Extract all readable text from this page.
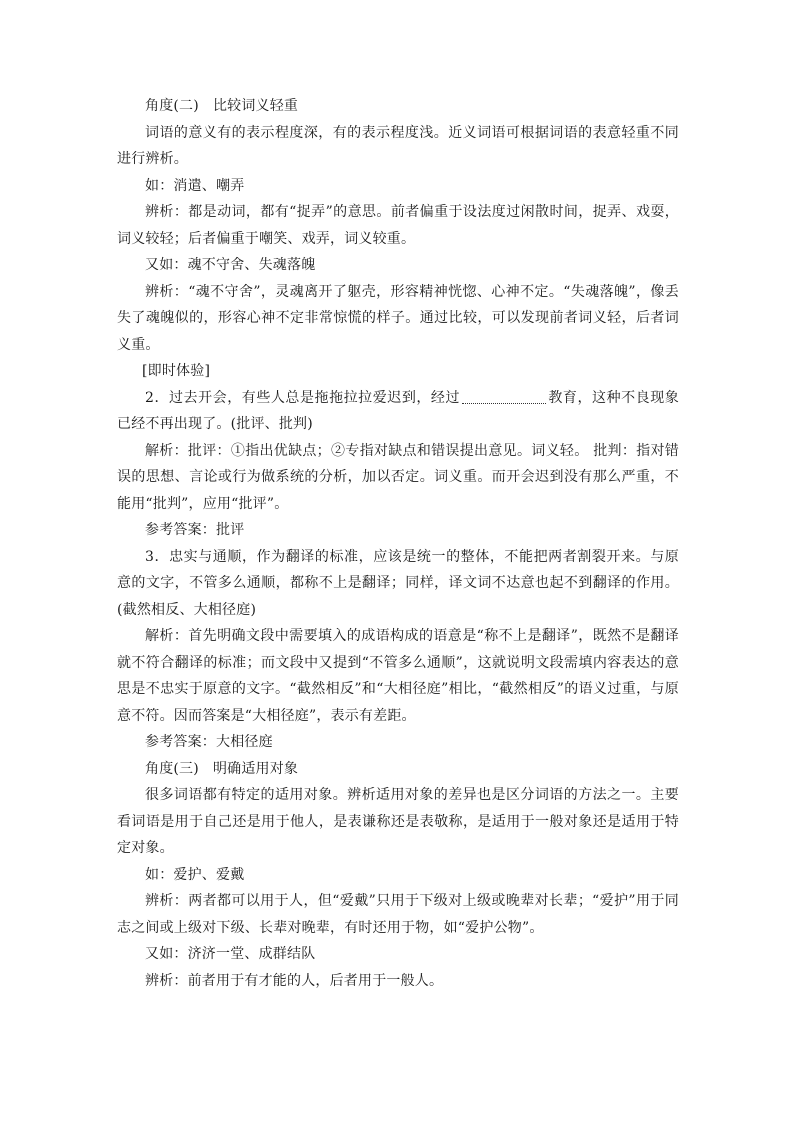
角度(二) 比较词义轻重

词语的意义有的表示程度深，有的表示程度浅。近义词语可根据词语的表意轻重不同进行辨析。

如：消遣、嘲弄

辨析：都是动词，都有“捉弄”的意思。前者偏重于设法度过闲散时间，捉弄、戏耍，词义较轻；后者偏重于嘲笑、戏弄，词义较重。

又如：魂不守舍、失魂落魄

辨析：“魂不守舍”，灵魂离开了躯壳，形容精神恍惚、心神不定。“失魂落魄”，像丢失了魂魄似的，形容心神不定非常惊慌的样子。通过比较，可以发现前者词义轻，后者词义重。

[即时体验]

2．过去开会，有些人总是拖拖拉拉爱迟到，经过	教育，这种不良现象已经不再出现了。(批评、批判)

解析：批评：①指出优缺点；②专指对缺点和错误提出意见。词义轻。 批判：指对错误的思想、言论或行为做系统的分析，加以否定。词义重。而开会迟到没有那么严重，不能用“批判”，应用“批评”。

参考答案：批评

3．忠实与通顺，作为翻译的标准，应该是统一的整体，不能把两者割裂开来。与原意的文字，不管多么通顺，都称不上是翻译；同样，译文词不达意也起不到翻译的作用。(截然相反、大相径庭)

解析：首先明确文段中需要填入的成语构成的语意是“称不上是翻译”，既然不是翻译就不符合翻译的标准；而文段中又提到“不管多么通顺”，这就说明文段需填内容表达的意思是不忠实于原意的文字。“截然相反”和“大相径庭”相比，“截然相反”的语义过重，与原意不符。因而答案是“大相径庭”，表示有差距。

参考答案：大相径庭

角度(三) 明确适用对象

很多词语都有特定的适用对象。辨析适用对象的差异也是区分词语的方法之一。主要看词语是用于自己还是用于他人，是表谦称还是表敬称，是适用于一般对象还是适用于特定对象。

如：爱护、爱戴

辨析：两者都可以用于人，但“爱戴”只用于下级对上级或晚辈对长辈；“爱护”用于同志之间或上级对下级、长辈对晚辈，有时还用于物，如“爱护公物”。

又如：济济一堂、成群结队

辨析：前者用于有才能的人，后者用于一般人。
